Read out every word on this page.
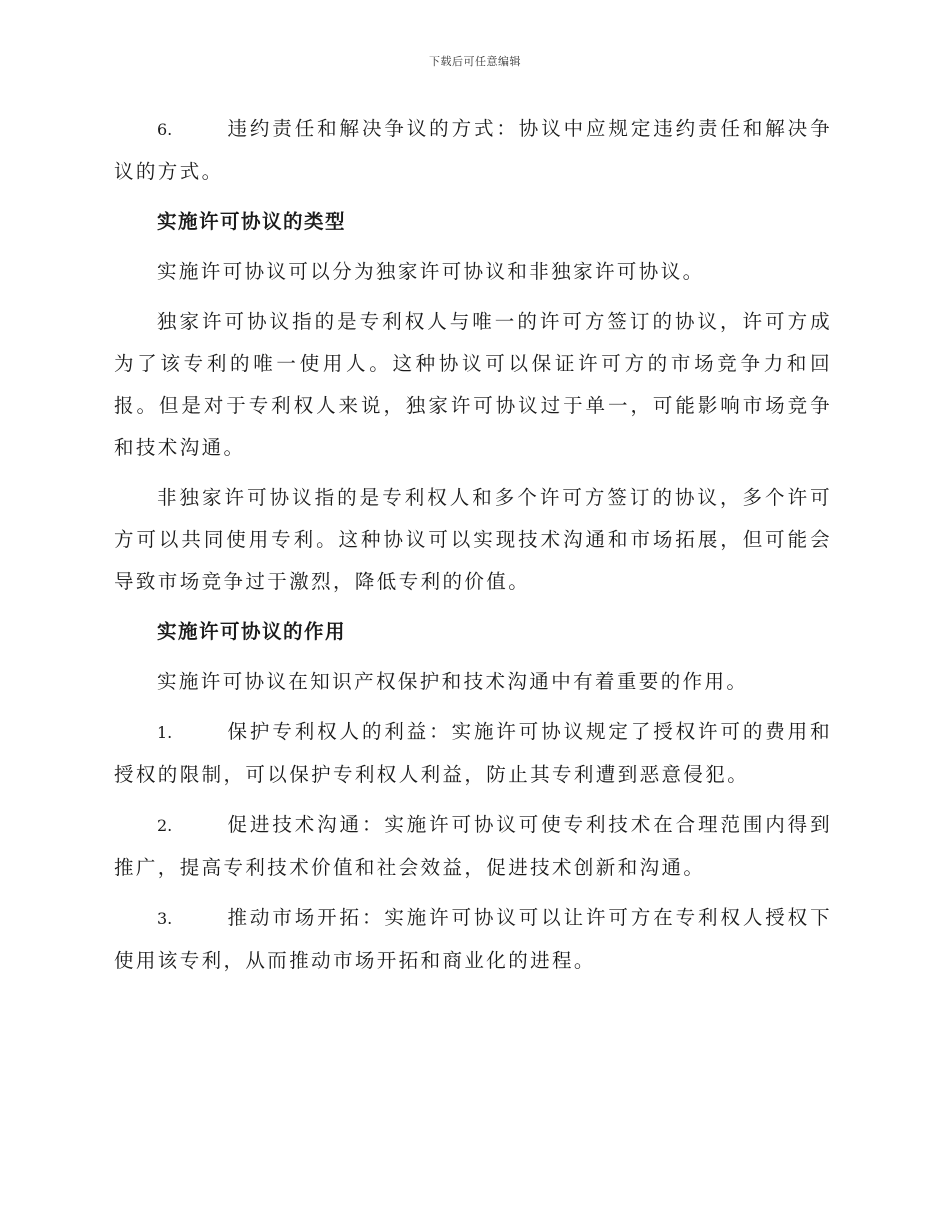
下载后可任意编辑

6.	违约责任和解决争议的方式：协议中应规定违约责任和解决争议的方式。

实施许可协议的类型

实施许可协议可以分为独家许可协议和非独家许可协议。

独家许可协议指的是专利权人与唯一的许可方签订的协议，许可方成为了该专利的唯一使用人。这种协议可以保证许可方的市场竞争力和回报。但是对于专利权人来说，独家许可协议过于单一，可能影响市场竞争和技术沟通。

非独家许可协议指的是专利权人和多个许可方签订的协议，多个许可方可以共同使用专利。这种协议可以实现技术沟通和市场拓展，但可能会导致市场竞争过于激烈，降低专利的价值。

实施许可协议的作用

实施许可协议在知识产权保护和技术沟通中有着重要的作用。

1.	保护专利权人的利益：实施许可协议规定了授权许可的费用和授权的限制，可以保护专利权人利益，防止其专利遭到恶意侵犯。

2.	促进技术沟通：实施许可协议可使专利技术在合理范围内得到推广，提高专利技术价值和社会效益，促进技术创新和沟通。

3.	推动市场开拓：实施许可协议可以让许可方在专利权人授权下使用该专利，从而推动市场开拓和商业化的进程。
